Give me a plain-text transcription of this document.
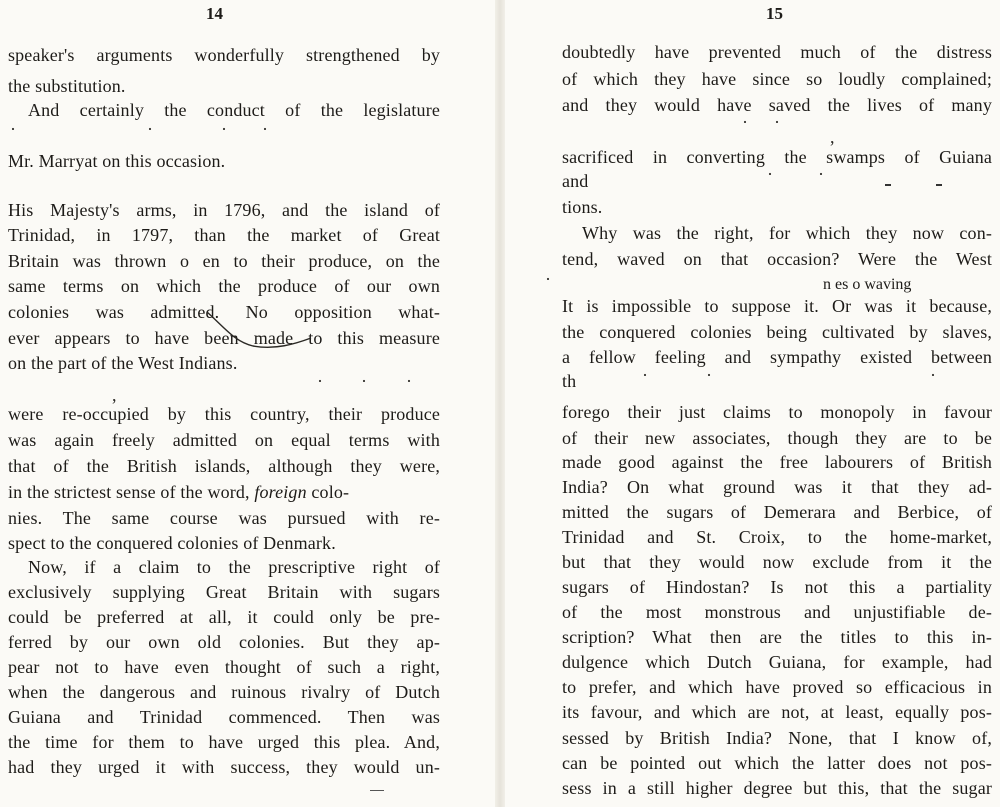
14
speaker's arguments wonderfully strengthened by
the substitution.
And certainly the conduct of the legislature
·	·	· ·
Mr. Marryat on this occasion.
His Majesty's arms, in 1796, and the island of
Trinidad, in 1797, than the market of Great
Britain was thrown o en to their produce, on the
same terms on which the produce of our own
colonies was admitted. No opposition what-
ever appears to have been made to this measure
on the part of the West Indians.
,
· · ·
were re-occupied by this country, their produce
was again freely admitted on equal terms with
that of the British islands, although they were,
in the strictest sense of the word, foreign colo-
nies. The same course was pursued with re-
spect to the conquered colonies of Denmark.
Now, if a claim to the prescriptive right of
exclusively supplying Great Britain with sugars
could be preferred at all, it could only be pre-
ferred by our own old colonies. But they ap-
pear not to have even thought of such a right,
when the dangerous and ruinous rivalry of Dutch
Guiana and Trinidad commenced. Then was
the time for them to have urged this plea. And,
had they urged it with success, they would un-
15
doubtedly have prevented much of the distress
of which they have since so loudly complained;
and they would have saved the lives of many
· ·
,
sacrificed in converting the swamps of Guiana
and	·	·
tions.
Why was the right, for which they now con-
tend, waved on that occasion? Were the West
·	n es o waving
It is impossible to suppose it. Or was it because,
the conquered colonies being cultivated by slaves,
a fellow feeling and sympathy existed between
th	·	·	·
forego their just claims to monopoly in favour
of their new associates, though they are to be
made good against the free labourers of British
India? On what ground was it that they ad-
mitted the sugars of Demerara and Berbice, of
Trinidad and St. Croix, to the home-market,
but that they would now exclude from it the
sugars of Hindostan? Is not this a partiality
of the most monstrous and unjustifiable de-
scription? What then are the titles to this in-
dulgence which Dutch Guiana, for example, had
to prefer, and which have proved so efficacious in
its favour, and which are not, at least, equally pos-
sessed by British India? None, that I know of,
can be pointed out which the latter does not pos-
sess in a still higher degree but this, that the sugar
